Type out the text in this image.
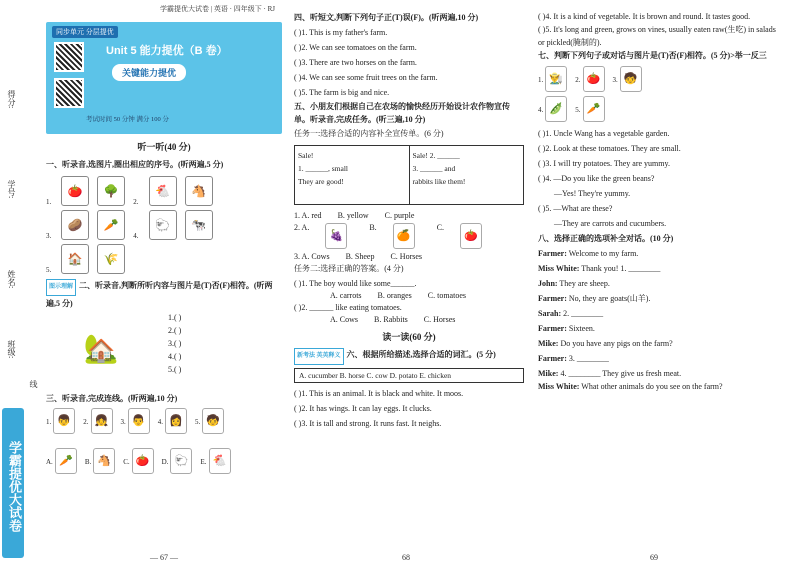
得分:
学号:
姓名:
班级:
线
学霸提优大试卷
学霸提优大试卷 | 英语 · 四年级下 · RJ
同步单元 分层提优
Unit 5 能力提优（B 卷）
关键能力提优
考试时间 50 分钟 满分 100 分
听一听(40 分)

一、听录音,选图片,圈出相应的序号。(听两遍,5 分)

1.
🍅	🌳
2.
🐔	🐴
3.
🥔	🥕
4.
🐑	🐄
5.
🏠	🌾

图示理解 二、听录音,判断所听内容与图片是(T)否(F)相符。(听两遍,5 分)

🏡
1.( )
2.( )
3.( )
4.( )
5.( )

三、听录音,完成连线。(听两遍,10 分)

1. 👦 2. 👧 3. 👨 4. 👩 5. 🧒
A. 🥕 B. 🐴 C. 🍅 D. 🐑 E. 🐔
— 67 —

四、听短文,判断下列句子正(T)误(F)。(听两遍,10 分)

( )1. This is my father's farm.

( )2. We can see tomatoes on the farm.

( )3. There are two horses on the farm.

( )4. We can see some fruit trees on the farm.

( )5. The farm is big and nice.

五、小朋友们根据自己在农场的愉快经历开始设计农作物宣传单。听录音,完成任务。(听三遍,10 分)

任务一:选择合适的内容补全宣传单。(6 分)

Sale!
1. ______, small
They are good!
Sale! 2. ______
3. ______ and
rabbits like them!
1. A. red B. yellow C. purple
2. A.
🍇
B.
🍊
C.
🍅
3. A. Cows B. Sheep C. Horses

任务二:选择正确的答案。(4 分)

( )1. The boy would like some______.

A. carrots B. oranges C. tomatoes

( )2. ______ like eating tomatoes.

A. Cows B. Rabbits C. Horses
读一读(60 分)

新考法 英英释义 六、根据所给描述,选择合适的词汇。(5 分)

A. cucumber B. horse C. cow D. potato E. chicken

( )1. This is an animal. It is black and white. It moos.

( )2. It has wings. It can lay eggs. It clucks.

( )3. It is tall and strong. It runs fast. It neighs.

68

( )4. It is a kind of vegetable. It is brown and round. It tastes good.

( )5. It's long and green, grows on vines, usually eaten raw(生吃) in salads or pickled(腌制的).

七、判断下列句子或对话与图片是(T)否(F)相符。(5 分)>举一反三

1. 👨‍🌾 2. 🍅 3. 🧒
4. 🫛 5. 🥕

( )1. Uncle Wang has a vegetable garden.

( )2. Look at these tomatoes. They are small.

( )3. I will try potatoes. They are yummy.

( )4. —Do you like the green beans?

—Yes! They're yummy.

( )5. —What are these?

—They are carrots and cucumbers.

八、选择正确的选项补全对话。(10 分)

Farmer: Welcome to my farm.

Miss White: Thank you! 1. ________

John: They are sheep.

Farmer: No, they are goats(山羊).

Sarah: 2. ________

Farmer: Sixteen.

Mike: Do you have any pigs on the farm?

Farmer: 3. ________

Mike: 4. ________ They give us fresh meat.

Miss White: What other animals do you see on the farm?

69
